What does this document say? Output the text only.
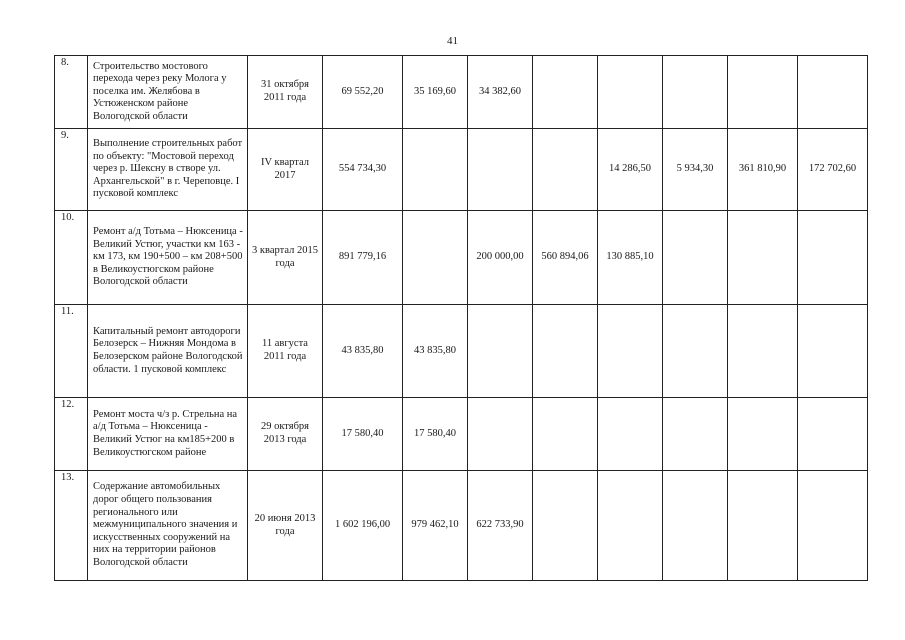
41
8.	Строительство мостового перехода через реку Молога у поселка им. Желябова в Устюженском районе Вологодской области	31 октября 2011 года	69 552,20	35 169,60	34 382,60					
9.	Выполнение строительных работ по объекту: "Мостовой переход через р. Шексну в створе ул. Архангельской" в г. Череповце. I пусковой комплекс	IV квартал 2017	554 734,30				14 286,50	5 934,30	361 810,90	172 702,60
10.	Ремонт а/д Тотьма – Нюксеница - Великий Устюг, участки км 163 - км 173, км 190+500 – км 208+500 в Великоустюгском районе Вологодской области	3 квартал 2015 года	891 779,16		200 000,00	560 894,06	130 885,10			
11.	Капитальный ремонт автодороги Белозерск – Нижняя Мондома в Белозерском районе Вологодской области. 1 пусковой комплекс	11 августа 2011 года	43 835,80	43 835,80						
12.	Ремонт моста ч/з р. Стрельна на а/д Тотьма – Нюксеница - Великий Устюг на км185+200 в Великоустюгском районе	29 октября 2013 года	17 580,40	17 580,40						
13.	Содержание автомобильных дорог общего пользования регионального или межмуниципального значения и искусственных сооружений на них на территории районов Вологодской области	20 июня 2013 года	1 602 196,00	979 462,10	622 733,90					
